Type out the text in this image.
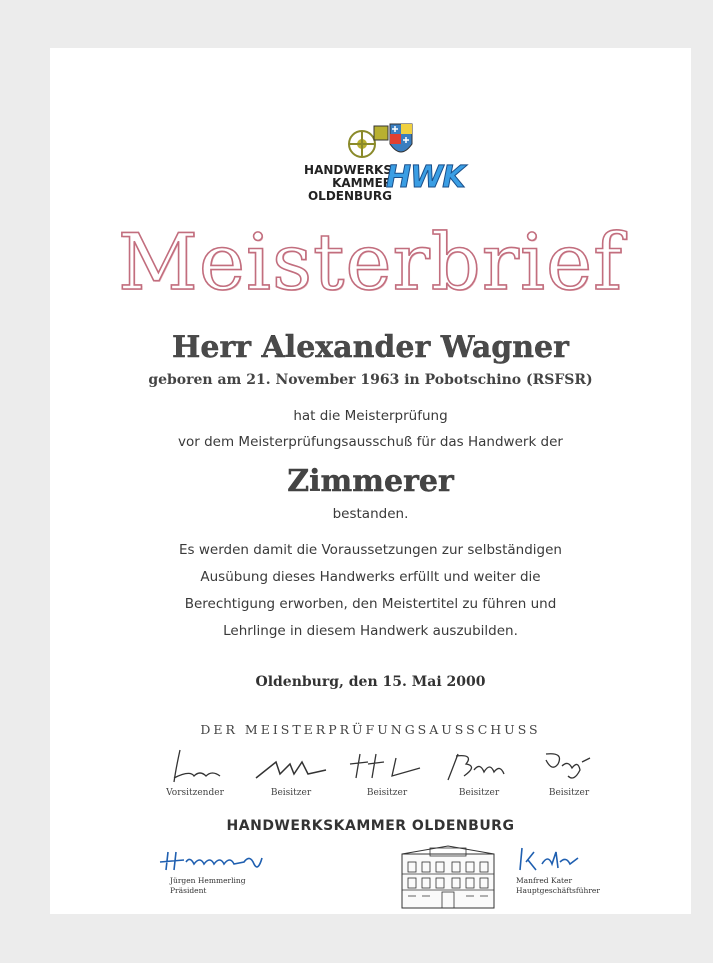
HANDWERKS
KAMMER
OLDENBURG
HWK
Meisterbrief
Herr Alexander Wagner
geboren am 21. November 1963 in Pobotschino (RSFSR)
hat die Meisterprüfung
vor dem Meisterprüfungsausschuß für das Handwerk der
Zimmerer
bestanden.
Es werden damit die Voraussetzungen zur selbständigen
Ausübung dieses Handwerks erfüllt und weiter die
Berechtigung erworben, den Meistertitel zu führen und
Lehrlinge in diesem Handwerk auszubilden.
Oldenburg, den 15. Mai 2000
DER MEISTERPRÜFUNGSAUSSCHUSS
Vorsitzender	Beisitzer	Beisitzer	Beisitzer	Beisitzer
HANDWERKSKAMMER OLDENBURG
Jürgen Hemmerling
Präsident
Manfred Kater
Hauptgeschäftsführer
